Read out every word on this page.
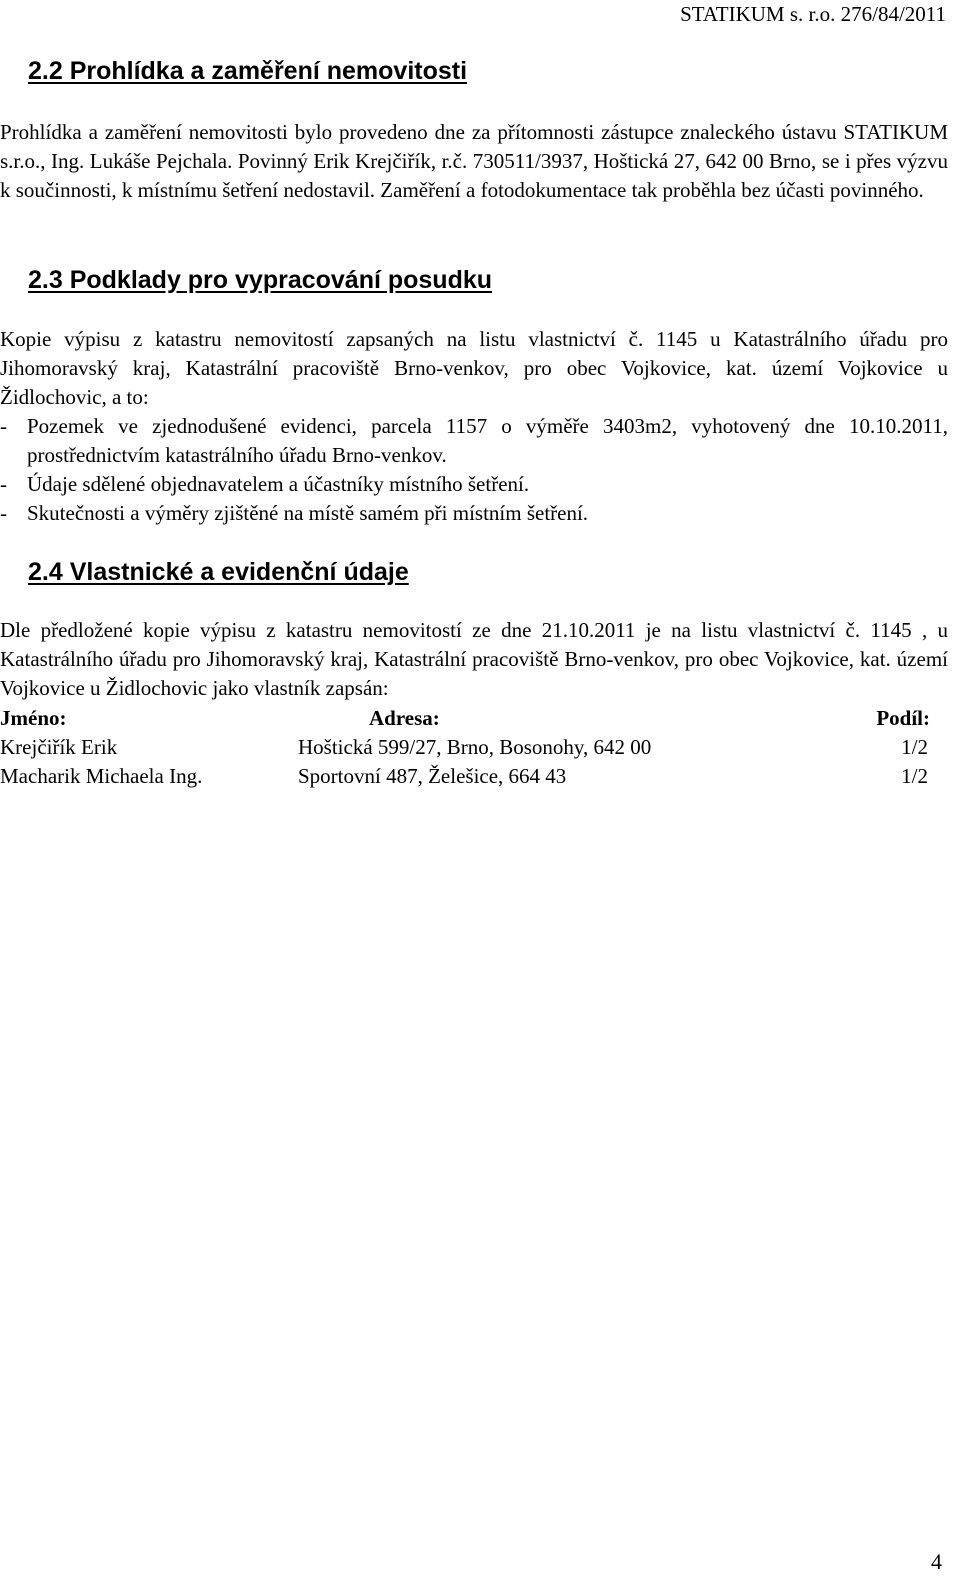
STATIKUM s. r.o. 276/84/2011
2.2 Prohlídka a zaměření nemovitosti

Prohlídka a zaměření nemovitosti bylo provedeno dne za přítomnosti zástupce znaleckého ústavu STATIKUM s.r.o., Ing. Lukáše Pejchala. Povinný Erik Krejčiřík, r.č. 730511/3937, Hoštická 27, 642 00 Brno, se i přes výzvu k součinnosti, k místnímu šetření nedostavil. Zaměření a fotodokumentace tak proběhla bez účasti povinného.

2.3 Podklady pro vypracování posudku

Kopie výpisu z katastru nemovitostí zapsaných na listu vlastnictví č. 1145 u Katastrálního úřadu pro Jihomoravský kraj, Katastrální pracoviště Brno-venkov, pro obec Vojkovice, kat. území Vojkovice u Židlochovic, a to:

- Pozemek ve zjednodušené evidenci, parcela 1157 o výměře 3403m2, vyhotovený dne 10.10.2011, prostřednictvím katastrálního úřadu Brno-venkov.
- Údaje sdělené objednavatelem a účastníky místního šetření.
- Skutečnosti a výměry zjištěné na místě samém při místním šetření.
2.4 Vlastnické a evidenční údaje

Dle předložené kopie výpisu z katastru nemovitostí ze dne 21.10.2011 je na listu vlastnictví č. 1145 , u Katastrálního úřadu pro Jihomoravský kraj, Katastrální pracoviště Brno-venkov, pro obec Vojkovice, kat. území Vojkovice u Židlochovic jako vlastník zapsán:

Jméno:	Adresa:	Podíl:
Krejčiřík Erik	Hoštická 599/27, Brno, Bosonohy, 642 00	1/2
Macharik Michaela Ing.	Sportovní 487, Želešice, 664 43	1/2
4
